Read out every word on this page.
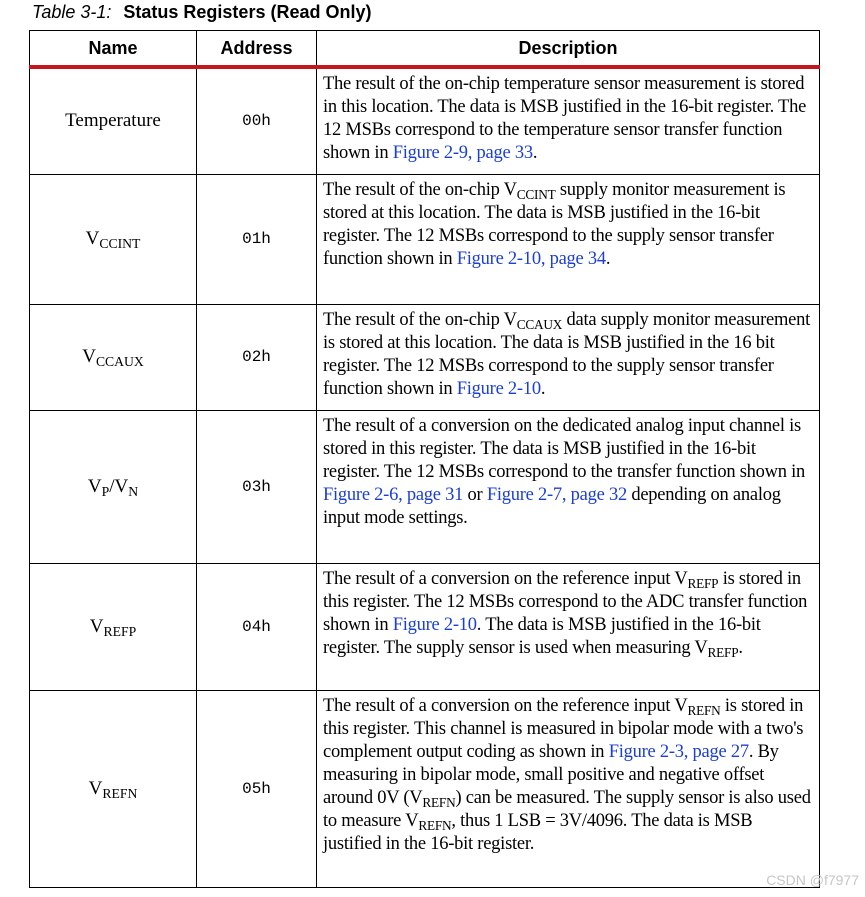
Table 3-1: Status Registers (Read Only)
Name	Address	Description
Temperature	00h	The result of the on-chip temperature sensor measurement is stored in this location. The data is MSB justified in the 16-bit register. The 12 MSBs correspond to the temperature sensor transfer function shown in Figure 2-9, page 33.
$V_{CCINT}$	01h	The result of the on-chip $V_{CCINT}$ supply monitor measurement is stored at this location. The data is MSB justified in the 16-bit register. The 12 MSBs correspond to the supply sensor transfer function shown in Figure 2-10, page 34.
$V_{CCAUX}$	02h	The result of the on-chip $V_{CCAUX}$ data supply monitor measurement is stored at this location. The data is MSB justified in the 16 bit register. The 12 MSBs correspond to the supply sensor transfer function shown in Figure 2-10.
$V_P/V_N$	03h	The result of a conversion on the dedicated analog input channel is stored in this register. The data is MSB justified in the 16-bit register. The 12 MSBs correspond to the transfer function shown in Figure 2-6, page 31 or Figure 2-7, page 32 depending on analog input mode settings.
$V_{REFP}$	04h	The result of a conversion on the reference input $V_{REFP}$ is stored in this register. The 12 MSBs correspond to the ADC transfer function shown in Figure 2-10. The data is MSB justified in the 16-bit register. The supply sensor is used when measuring $V_{REFP}$.
$V_{REFN}$	05h	The result of a conversion on the reference input $V_{REFN}$ is stored in this register. This channel is measured in bipolar mode with a two's complement output coding as shown in Figure 2-3, page 27. By measuring in bipolar mode, small positive and negative offset around 0V $(V_{REFN})$ can be measured. The supply sensor is also used to measure $V_{REFN}$, thus 1 LSB = 3V/4096. The data is MSB justified in the 16-bit register.
CSDN @f7977
